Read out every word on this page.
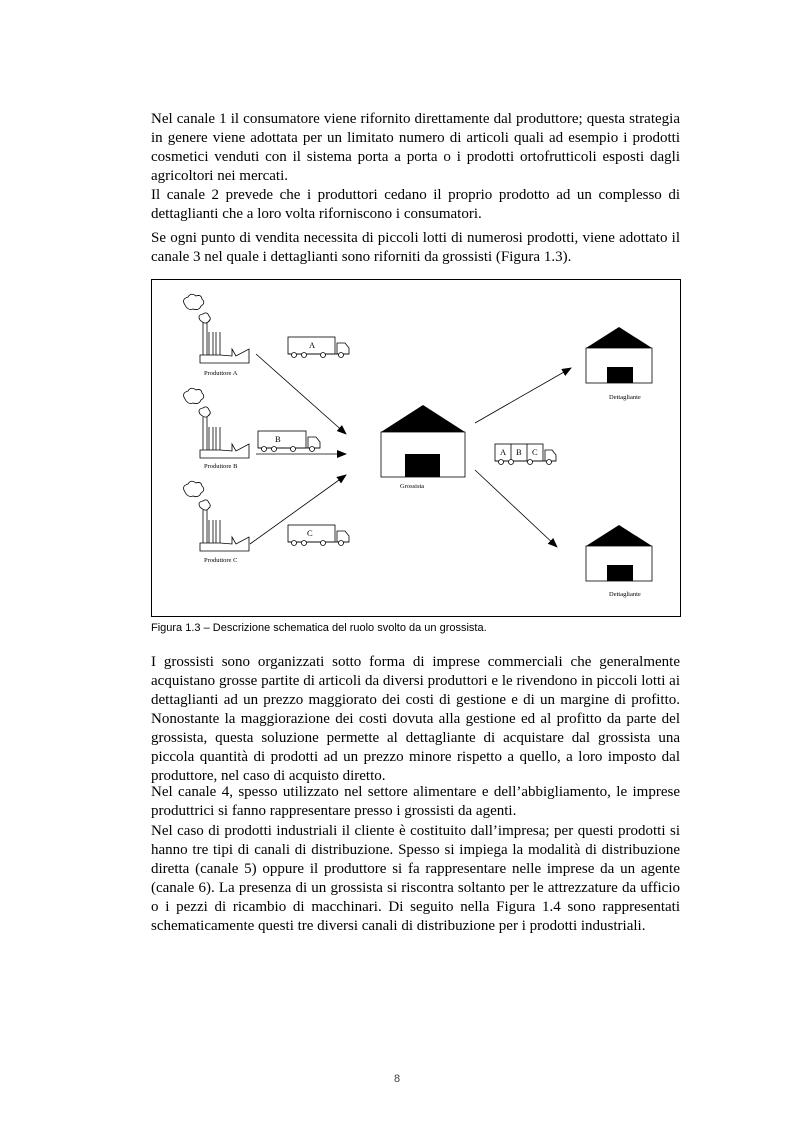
Nel canale 1 il consumatore viene rifornito direttamente dal produttore; questa strategia in genere viene adottata per un limitato numero di articoli quali ad esempio i prodotti cosmetici venduti con il sistema porta a porta o i prodotti ortofrutticoli esposti dagli agricoltori nei mercati.

Il canale 2 prevede che i produttori cedano il proprio prodotto ad un complesso di dettaglianti che a loro volta riforniscono i consumatori.

Se ogni punto di vendita necessita di piccoli lotti di numerosi prodotti, viene adottato il canale 3 nel quale i dettaglianti sono riforniti da grossisti (Figura 1.3).

Produttore A
Produttore B
Produttore C
A
B
C
Grossista
A B C
Dettagliante
Dettagliante
Figura 1.3 – Descrizione schematica del ruolo svolto da un grossista.

I grossisti sono organizzati sotto forma di imprese commerciali che generalmente acquistano grosse partite di articoli da diversi produttori e le rivendono in piccoli lotti ai dettaglianti ad un prezzo maggiorato dei costi di gestione e di un margine di profitto. Nonostante la maggiorazione dei costi dovuta alla gestione ed al profitto da parte del grossista, questa soluzione permette al dettagliante di acquistare dal grossista una piccola quantità di prodotti ad un prezzo minore rispetto a quello, a loro imposto dal produttore, nel caso di acquisto diretto.

Nel canale 4, spesso utilizzato nel settore alimentare e dell’abbigliamento, le imprese produttrici si fanno rappresentare presso i grossisti da agenti.

Nel caso di prodotti industriali il cliente è costituito dall’impresa; per questi prodotti si hanno tre tipi di canali di distribuzione. Spesso si impiega la modalità di distribuzione diretta (canale 5) oppure il produttore si fa rappresentare nelle imprese da un agente (canale 6). La presenza di un grossista si riscontra soltanto per le attrezzature da ufficio o i pezzi di ricambio di macchinari. Di seguito nella Figura 1.4 sono rappresentati schematicamente questi tre diversi canali di distribuzione per i prodotti industriali.

8
